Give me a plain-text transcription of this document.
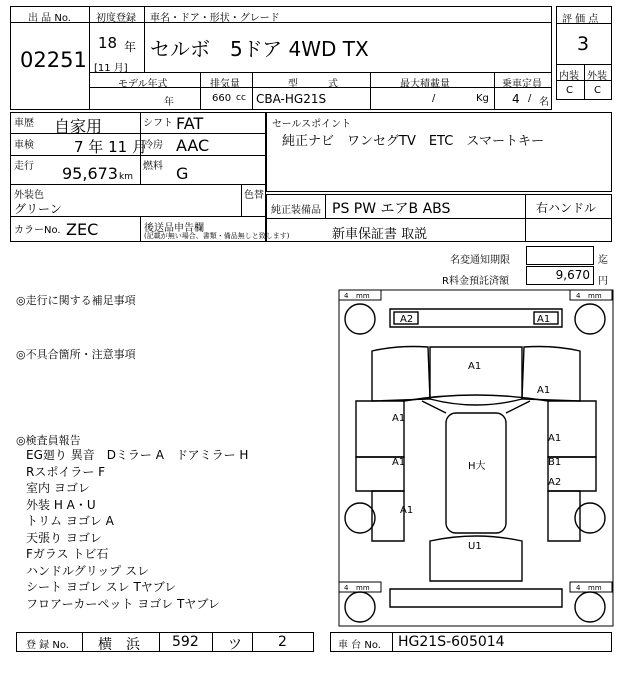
出 品 No.
02251
初度登録 車名・ドア・形状・グレード
18 年
[11 月]
セルボ　5ドア 4WD TX
モデル年式
年
排気量
660 cc
型　　　式
CBA-HG21S
最大積載量
/	Kg
乗車定員
4 / 名
評 価 点
3
内装 外装
C C
車歴 自家用	シフト FAT
車検	7 年 11 月
冷房 AAC
走行 95,673 km
燃料 G
外装色
グリーン
色替
カラーNo. ZEC	後送品申告欄
(記載が無い場合、書類・備品無しと致します)
セールスポイント
純正ナビ　ワンセグTV　ETC　スマートキー
純正装備品 PS PW エアB ABS	右ハンドル
新車保証書 取説
名変通知期限	迄
R料金預託済額	9,670 円
◎走行に関する補足事項
◎不具合箇所・注意事項
◎検査員報告
EG廻り 異音　Dミラー A　ドアミラー H
Rスポイラー F
室内 ヨゴレ
外装 H A・U
トリム ヨゴレ A
天張り ヨゴレ
Fガラス トビ石
ハンドルグリップ スレ
シート ヨゴレ スレ Tヤブレ
フロアーカーペット ヨゴレ Tヤブレ
4 mm	4 mm
4 mm	4 mm
A2	A1
A1
A1
A1
A1
A1
A1
B1
A2
H大
U1
登 録 No. 横　浜 592 ツ	2	車 台 No. HG21S-605014
